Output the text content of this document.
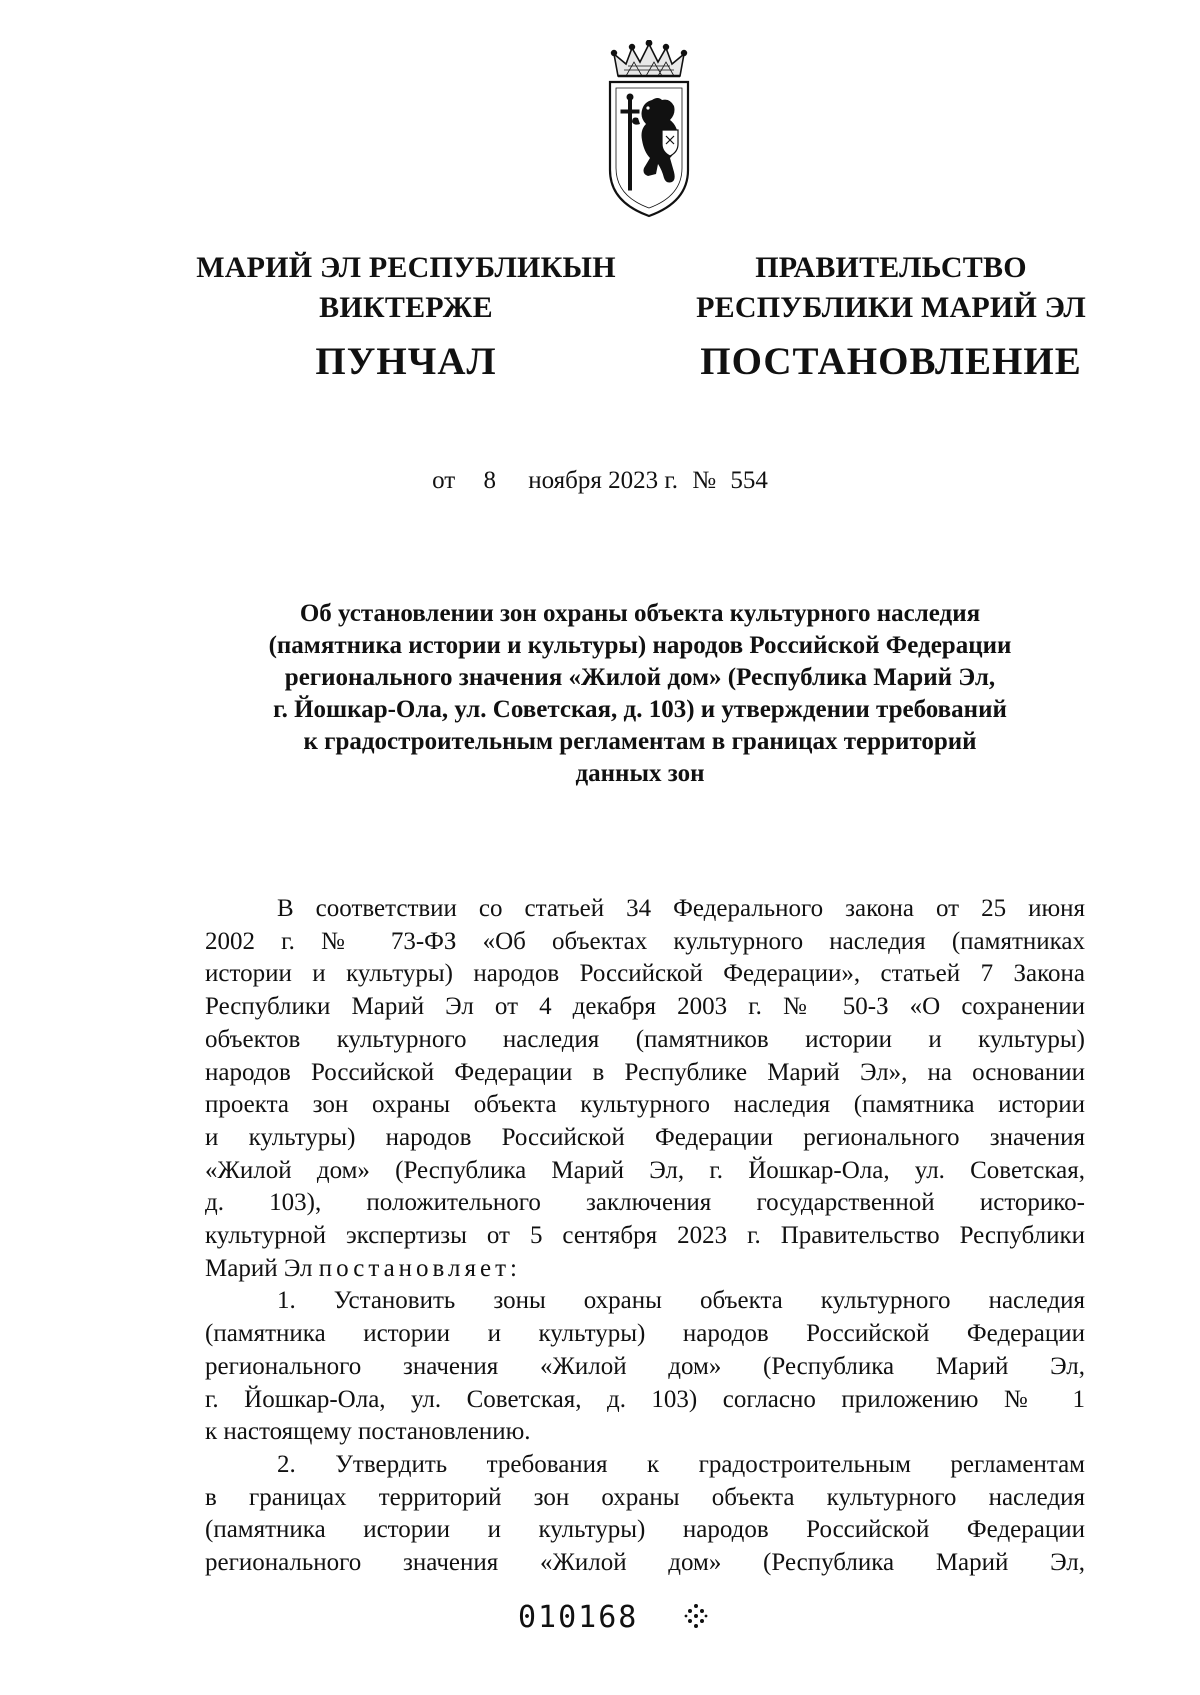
МАРИЙ ЭЛ РЕСПУБЛИКЫН
ВИКТЕРЖЕ
ПУНЧАЛ
ПРАВИТЕЛЬСТВО
РЕСПУБЛИКИ МАРИЙ ЭЛ
ПОСТАНОВЛЕНИЕ
от 8 ноября 2023 г. № 554
Об установлении зон охраны объекта культурного наследия
(памятника истории и культуры) народов Российской Федерации
регионального значения «Жилой дом» (Республика Марий Эл,
г. Йошкар-Ола, ул. Советская, д. 103) и утверждении требований
к градостроительным регламентам в границах территорий
данных зон
В соответствии со статьей 34 Федерального закона от 25 июня
2002 г. № 73-ФЗ «Об объектах культурного наследия (памятниках
истории и культуры) народов Российской Федерации», статьей 7 Закона
Республики Марий Эл от 4 декабря 2003 г. № 50-З «О сохранении
объектов культурного наследия (памятников истории и культуры)
народов Российской Федерации в Республике Марий Эл», на основании
проекта зон охраны объекта культурного наследия (памятника истории
и культуры) народов Российской Федерации регионального значения
«Жилой дом» (Республика Марий Эл, г. Йошкар-Ола, ул. Советская,
д. 103), положительного заключения государственной историко-
культурной экспертизы от 5 сентября 2023 г. Правительство Республики
Марий Эл постановляет:
1. Установить зоны охраны объекта культурного наследия
(памятника истории и культуры) народов Российской Федерации
регионального значения «Жилой дом» (Республика Марий Эл,
г. Йошкар-Ола, ул. Советская, д. 103) согласно приложению № 1
к настоящему постановлению.
2. Утвердить требования к градостроительным регламентам
в границах территорий зон охраны объекта культурного наследия
(памятника истории и культуры) народов Российской Федерации
регионального значения «Жилой дом» (Республика Марий Эл,
010168
